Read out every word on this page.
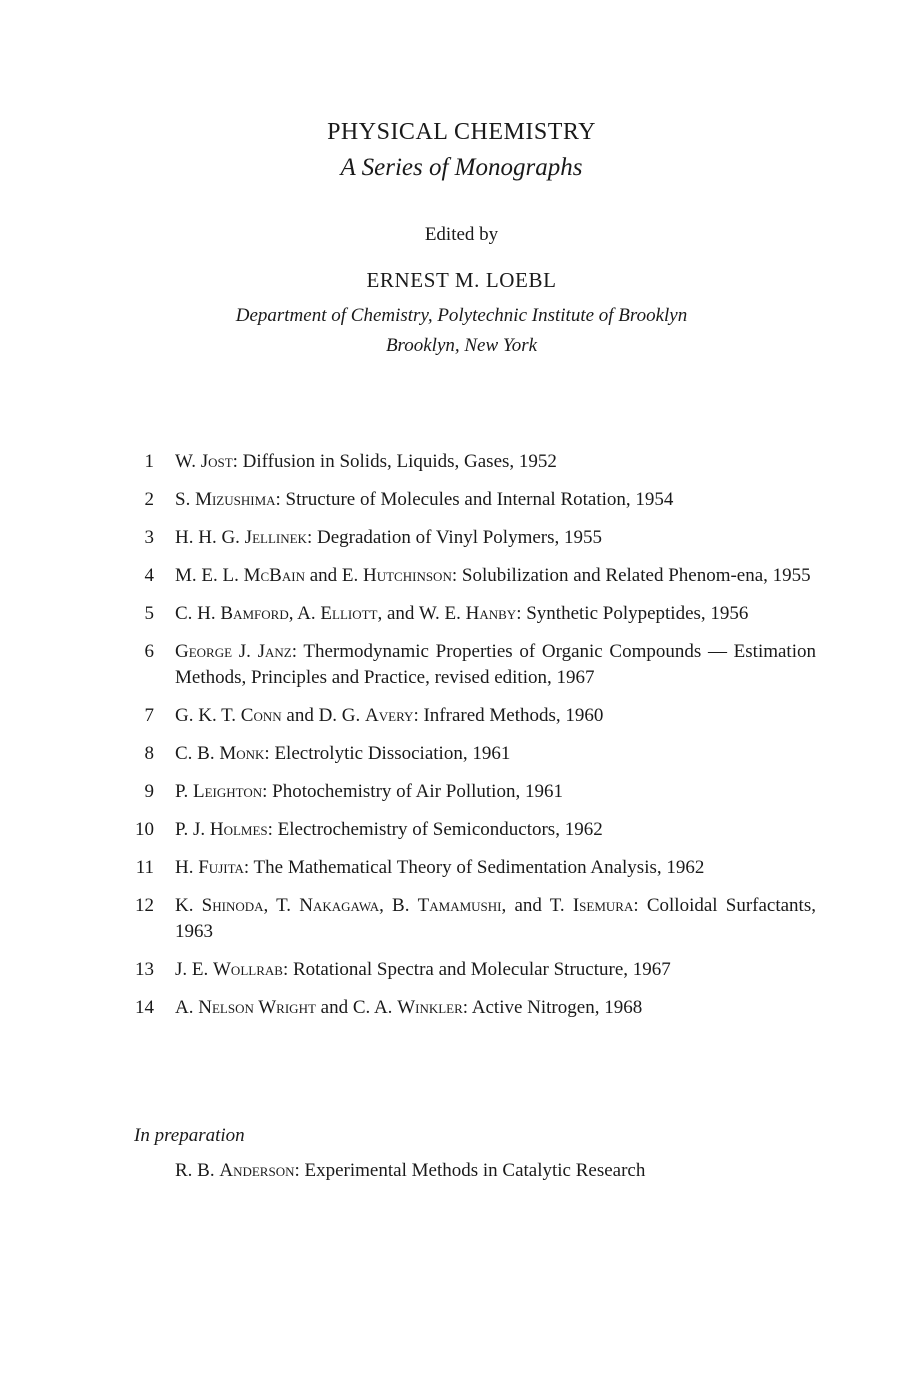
PHYSICAL CHEMISTRY
A Series of Monographs
Edited by
ERNEST M. LOEBL
Department of Chemistry, Polytechnic Institute of Brooklyn
Brooklyn, New York
1 W. Jost: Diffusion in Solids, Liquids, Gases, 1952
2 S. Mizushima: Structure of Molecules and Internal Rotation, 1954
3 H. H. G. Jellinek: Degradation of Vinyl Polymers, 1955
4 M. E. L. McBain and E. Hutchinson: Solubilization and Related Phenom-ena, 1955
5 C. H. Bamford, A. Elliott, and W. E. Hanby: Synthetic Polypeptides, 1956
6 George J. Janz: Thermodynamic Properties of Organic Compounds — Estimation Methods, Principles and Practice, revised edition, 1967
7 G. K. T. Conn and D. G. Avery: Infrared Methods, 1960
8 C. B. Monk: Electrolytic Dissociation, 1961
9 P. Leighton: Photochemistry of Air Pollution, 1961
10 P. J. Holmes: Electrochemistry of Semiconductors, 1962
11 H. Fujita: The Mathematical Theory of Sedimentation Analysis, 1962
12 K. Shinoda, T. Nakagawa, B. Tamamushi, and T. Isemura: Colloidal Surfactants, 1963
13 J. E. Wollrab: Rotational Spectra and Molecular Structure, 1967
14 A. Nelson Wright and C. A. Winkler: Active Nitrogen, 1968
In preparation
R. B. Anderson: Experimental Methods in Catalytic Research
